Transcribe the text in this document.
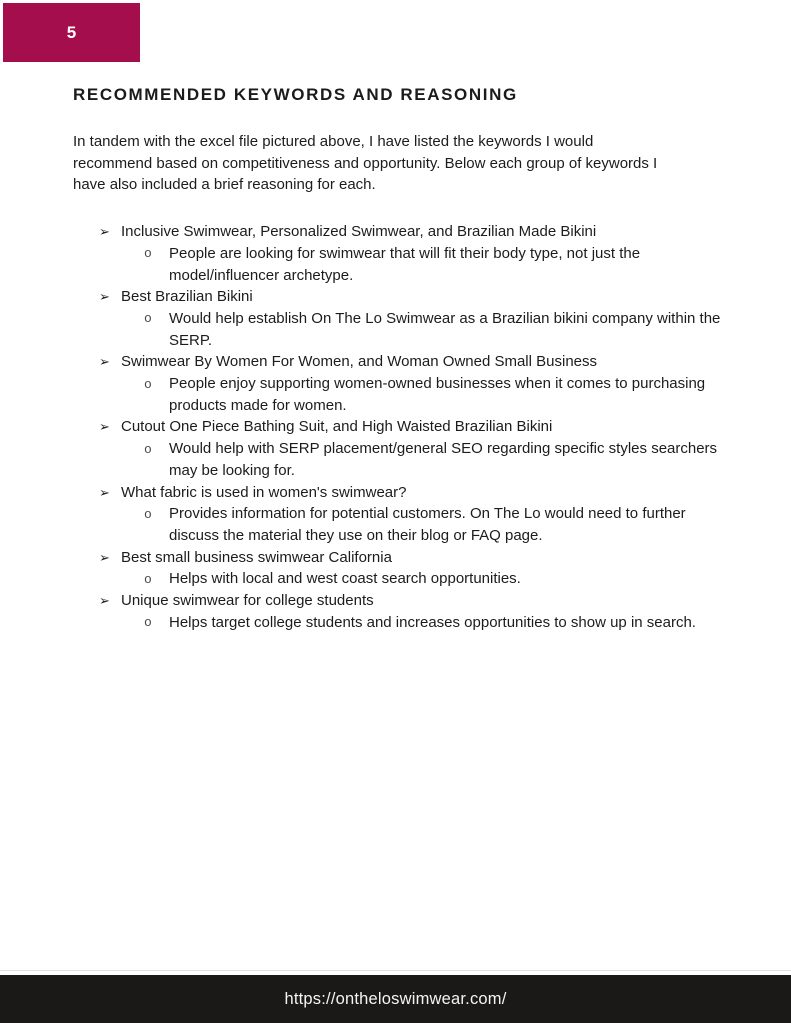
5
RECOMMENDED KEYWORDS AND REASONING

In tandem with the excel file pictured above, I have listed the keywords I would recommend based on competitiveness and opportunity. Below each group of keywords I have also included a brief reasoning for each.

➢ Inclusive Swimwear, Personalized Swimwear, and Brazilian Made Bikini
o People are looking for swimwear that will fit their body type, not just the model/influencer archetype.
➢ Best Brazilian Bikini
o Would help establish On The Lo Swimwear as a Brazilian bikini company within the SERP.
➢ Swimwear By Women For Women, and Woman Owned Small Business
o People enjoy supporting women-owned businesses when it comes to purchasing products made for women.
➢ Cutout One Piece Bathing Suit, and High Waisted Brazilian Bikini
o Would help with SERP placement/general SEO regarding specific styles searchers may be looking for.
➢ What fabric is used in women's swimwear?
o Provides information for potential customers. On The Lo would need to further discuss the material they use on their blog or FAQ page.
➢ Best small business swimwear California
o Helps with local and west coast search opportunities.
➢ Unique swimwear for college students
o Helps target college students and increases opportunities to show up in search.
https://ontheloswimwear.com/
